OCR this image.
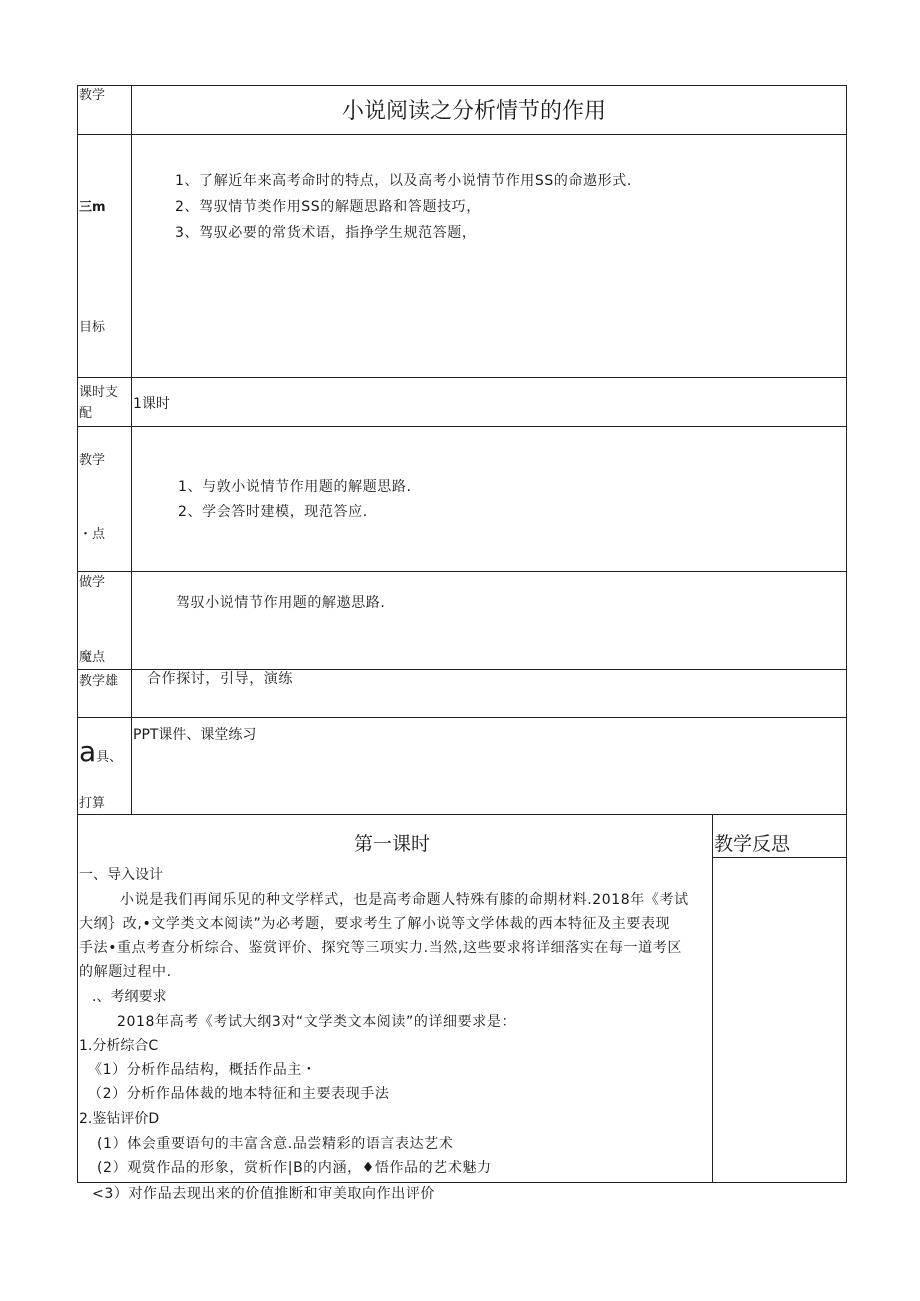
教学
小说阅读之分析情节的作用
三m
目标
1、了解近年来高考命时的特点，以及高考小说情节作用SS的命遨形式.
2、驾驭情节类作用SS的解题思路和答题技巧，
3、驾驭必要的常货术语，指挣学生规范答题，
课时支
配
1课时
教学
・点
1、与敦小说情节作用题的解题思路.
2、学会答时建模，现范答应.
做学
魔点
驾驭小说情节作用题的解遨思路.
教学雄 合作探讨，引导，演练
a具、
打算
PPT课件、课堂练习
第一课时	教学反思
一、导入设计
小说是我们再闻乐见的种文学样式，也是高考命题人特殊有膝的命期材料.2018年《考试
大纲｝改,•文学类文本阅读”为必考题，要求考生了解小说等文学体裁的西本特征及主要表现
手法•重点考查分析综合、鉴赏评价、探究等三项实力.当然,这些要求将详细落实在每一道考区
的解题过程中.
.、考纲要求
2018年高考《考试大纲3对“文学类文本阅读”的详细要求是：
1.分析综合C
《1）分析作品结构，概括作品主・
（2）分析作品体裁的地本特征和主要表现手法
2.鉴钻评价D
(1）体会重要语句的丰富含意.品尝精彩的语言表达艺术
(2）观赏作品的形象，赏析作|B的内涵，♦悟作品的艺术魅力
<3）对作品去现出来的价值推断和审美取向作出评价
